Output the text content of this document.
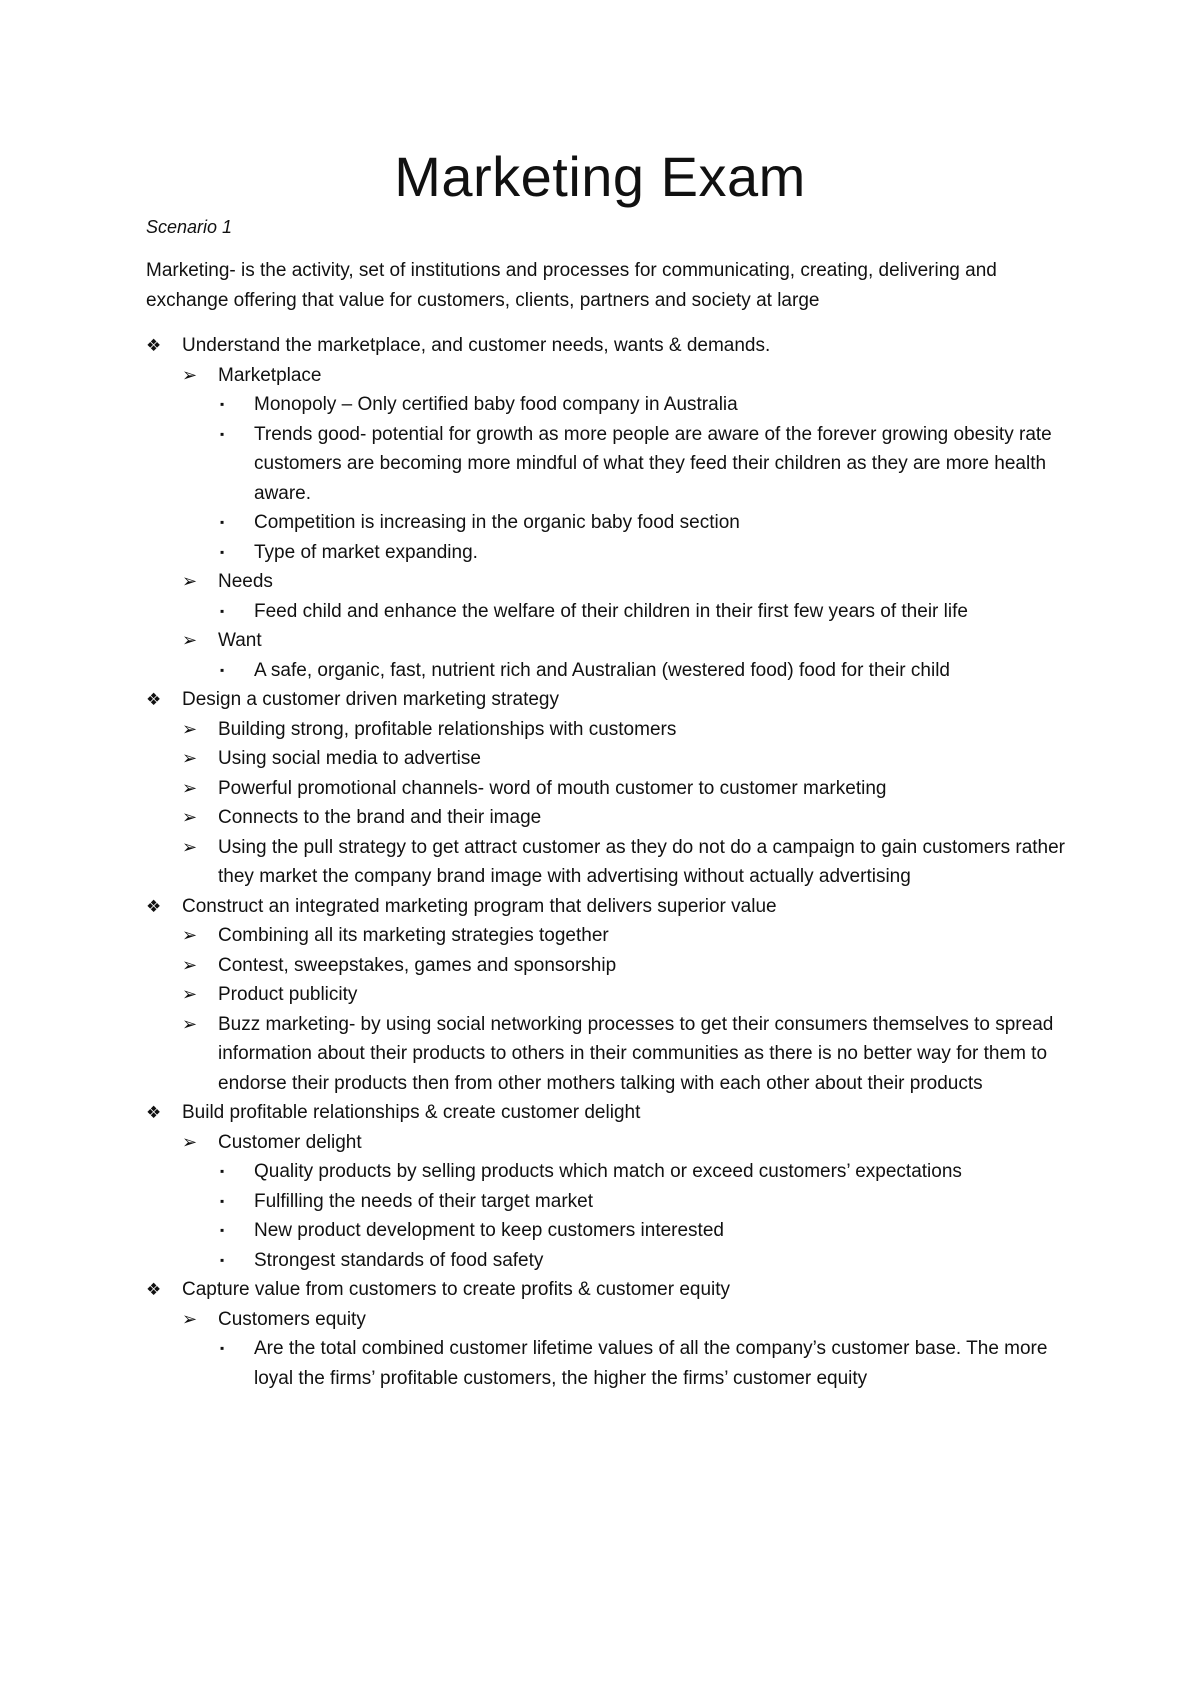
Marketing Exam
Scenario 1
Marketing- is the activity, set of institutions and processes for communicating, creating, delivering and exchange offering that value for customers, clients, partners and society at large
❖ Understand the marketplace, and customer needs, wants & demands.
➢ Marketplace
▪ Monopoly – Only certified baby food company in Australia
▪ Trends good- potential for growth as more people are aware of the forever growing obesity rate customers are becoming more mindful of what they feed their children as they are more health aware.
▪ Competition is increasing in the organic baby food section
▪ Type of market expanding.
➢ Needs
▪ Feed child and enhance the welfare of their children in their first few years of their life
➢ Want
▪ A safe, organic, fast, nutrient rich and Australian (westered food) food for their child
❖ Design a customer driven marketing strategy
➢ Building strong, profitable relationships with customers
➢ Using social media to advertise
➢ Powerful promotional channels- word of mouth customer to customer marketing
➢ Connects to the brand and their image
➢ Using the pull strategy to get attract customer as they do not do a campaign to gain customers rather they market the company brand image with advertising without actually advertising
❖ Construct an integrated marketing program that delivers superior value
➢ Combining all its marketing strategies together
➢ Contest, sweepstakes, games and sponsorship
➢ Product publicity
➢ Buzz marketing- by using social networking processes to get their consumers themselves to spread information about their products to others in their communities as there is no better way for them to endorse their products then from other mothers talking with each other about their products
❖ Build profitable relationships & create customer delight
➢ Customer delight
▪ Quality products by selling products which match or exceed customers’ expectations
▪ Fulfilling the needs of their target market
▪ New product development to keep customers interested
▪ Strongest standards of food safety
❖ Capture value from customers to create profits & customer equity
➢ Customers equity
▪ Are the total combined customer lifetime values of all the company’s customer base. The more loyal the firms’ profitable customers, the higher the firms’ customer equity
